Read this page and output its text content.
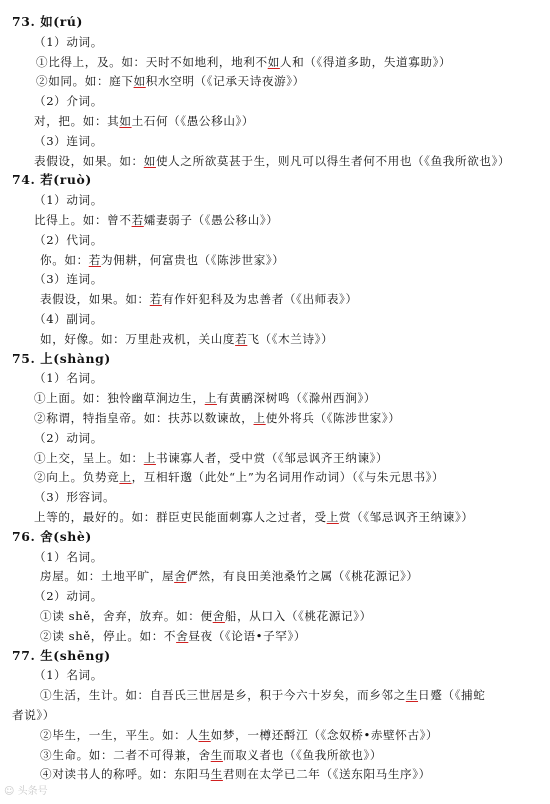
73. 如(rú)
（1）动词。
①比得上，及。如：天时不如地利，地利不如人和（《得道多助，失道寡助》）
②如同。如：庭下如积水空明（《记承天诗夜游》）
（2）介词。
对，把。如：其如土石何（《愚公移山》）
（3）连词。
表假设，如果。如：如使人之所欲莫甚于生，则凡可以得生者何不用也（《鱼我所欲也》）
74. 若(ruò)
（1）动词。
比得上。如：曾不若孀妻弱子（《愚公移山》）
（2）代词。
你。如：若为佣耕，何富贵也（《陈涉世家》）
（3）连词。
表假设，如果。如：若有作奸犯科及为忠善者（《出师表》）
（4）副词。
如，好像。如：万里赴戎机，关山度若飞（《木兰诗》）
75. 上(shàng)
（1）名词。
①上面。如：独怜幽草涧边生，上有黄鹂深树鸣（《滁州西涧》）
②称谓，特指皇帝。如：扶苏以数谏故，上使外将兵（《陈涉世家》）
（2）动词。
①上交，呈上。如：上书谏寡人者，受中赏（《邹忌讽齐王纳谏》）
②向上。负势竞上，互相轩邈（此处“上”为名词用作动词）（《与朱元思书》）
（3）形容词。
上等的，最好的。如：群臣吏民能面刺寡人之过者，受上赏（《邹忌讽齐王纳谏》）
76. 舍(shè)
（1）名词。
房屋。如：土地平旷，屋舍俨然，有良田美池桑竹之属（《桃花源记》）
（2）动词。
①读 shě，舍弃，放弃。如：便舍船，从口入（《桃花源记》）
②读 shě，停止。如：不舍昼夜（《论语•子罕》）
77. 生(shēng)
（1）名词。
①生活，生计。如：自吾氏三世居是乡，积于今六十岁矣，而乡邻之生日蹙（《捕蛇
者说》）
②毕生，一生，平生。如：人生如梦，一樽还酹江（《念奴桥•赤壁怀古》）
③生命。如：二者不可得兼，舍生而取义者也（《鱼我所欲也》）
④对读书人的称呼。如：东阳马生君则在太学已二年（《送东阳马生序》）
☺ 头条号
